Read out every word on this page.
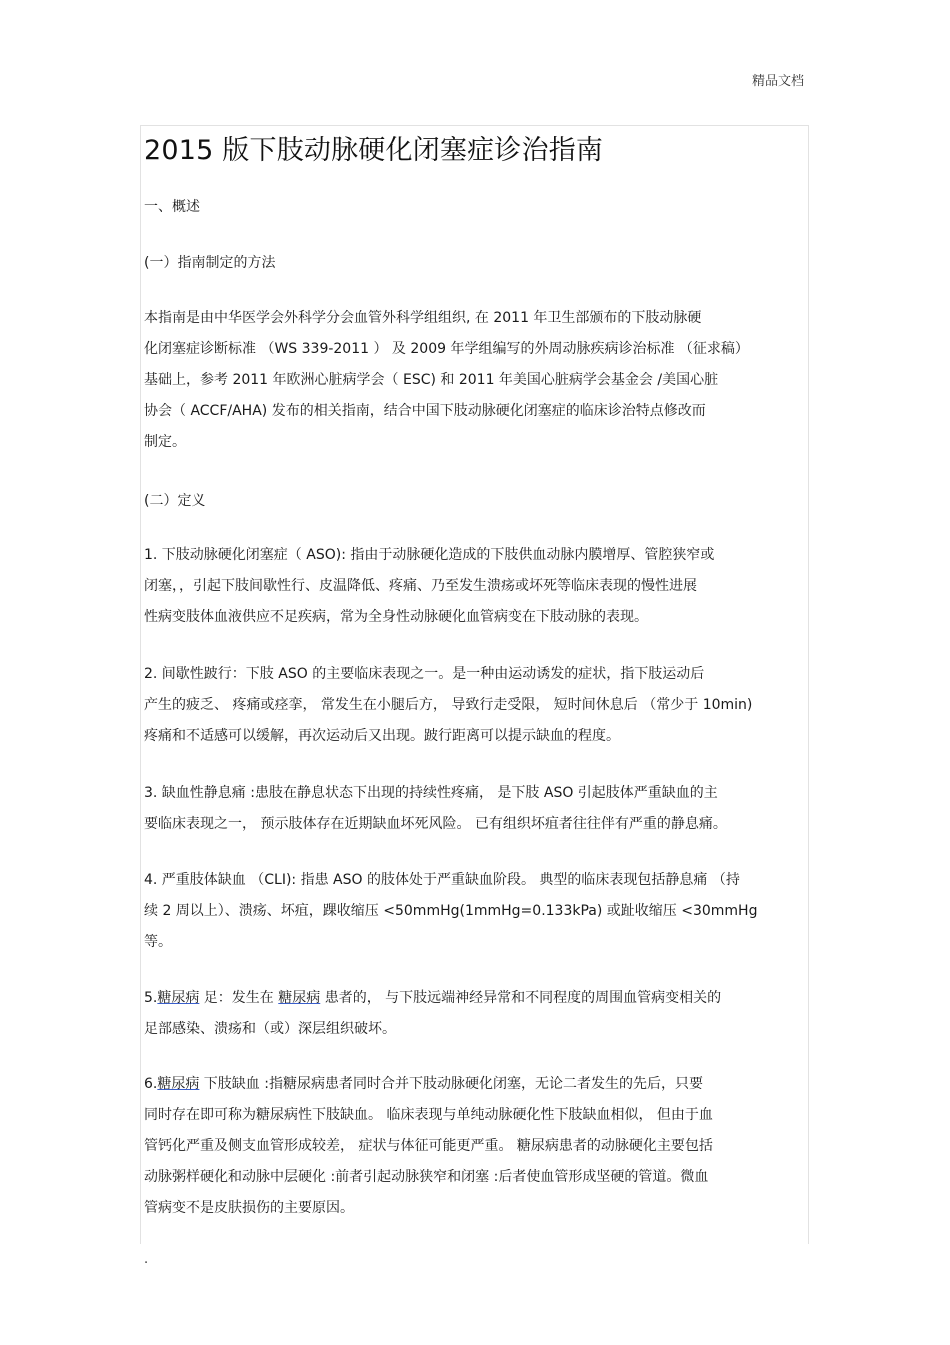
精品文档
2015 版下肢动脉硬化闭塞症诊治指南
一、概述
(一）指南制定的方法
本指南是由中华医学会外科学分会血管外科学组组织, 在 2011 年卫生部颁布的下肢动脉硬
化闭塞症诊断标准 （WS 339-2011 ） 及 2009 年学组编写的外周动脉疾病诊治标准 （征求稿）
基础上，参考 2011 年欧洲心脏病学会（ ESC) 和 2011 年美国心脏病学会基金会 /美国心脏
协会（ ACCF/AHA) 发布的相关指南，结合中国下肢动脉硬化闭塞症的临床诊治特点修改而
制定。
(二）定义
1. 下肢动脉硬化闭塞症（ ASO): 指由于动脉硬化造成的下肢供血动脉内膜增厚、管腔狭窄或
闭塞，，引起下肢间歇性行、皮温降低、疼痛、乃至发生溃疡或坏死等临床表现的慢性进展
性病变肢体血液供应不足疾病，常为全身性动脉硬化血管病变在下肢动脉的表现。
2. 间歇性跛行：下肢 ASO 的主要临床表现之一。是一种由运动诱发的症状，指下肢运动后
产生的疲乏、 疼痛或痉挛， 常发生在小腿后方， 导致行走受限， 短时间休息后 （常少于 10min)
疼痛和不适感可以缓解，再次运动后又出现。跛行距离可以提示缺血的程度。
3. 缺血性静息痛 :患肢在静息状态下出现的持续性疼痛， 是下肢 ASO 引起肢体严重缺血的主
要临床表现之一， 预示肢体存在近期缺血坏死风险。 已有组织坏疽者往往伴有严重的静息痛。
4. 严重肢体缺血 （CLI): 指患 ASO 的肢体处于严重缺血阶段。 典型的临床表现包括静息痛 （持
续 2 周以上）、溃疡、坏疽，踝收缩压 <50mmHg(1mmHg=0.133kPa) 或趾收缩压 <30mmHg
等。
5.糖尿病 足：发生在 糖尿病 患者的， 与下肢远端神经异常和不同程度的周围血管病变相关的
足部感染、溃疡和（或）深层组织破坏。
6.糖尿病 下肢缺血 :指糖尿病患者同时合并下肢动脉硬化闭塞，无论二者发生的先后，只要
同时存在即可称为糖尿病性下肢缺血。 临床表现与单纯动脉硬化性下肢缺血相似， 但由于血
管钙化严重及侧支血管形成较差， 症状与体征可能更严重。 糖尿病患者的动脉硬化主要包括
动脉粥样硬化和动脉中层硬化 :前者引起动脉狭窄和闭塞 :后者使血管形成坚硬的管道。微血
管病变不是皮肤损伤的主要原因。
.
